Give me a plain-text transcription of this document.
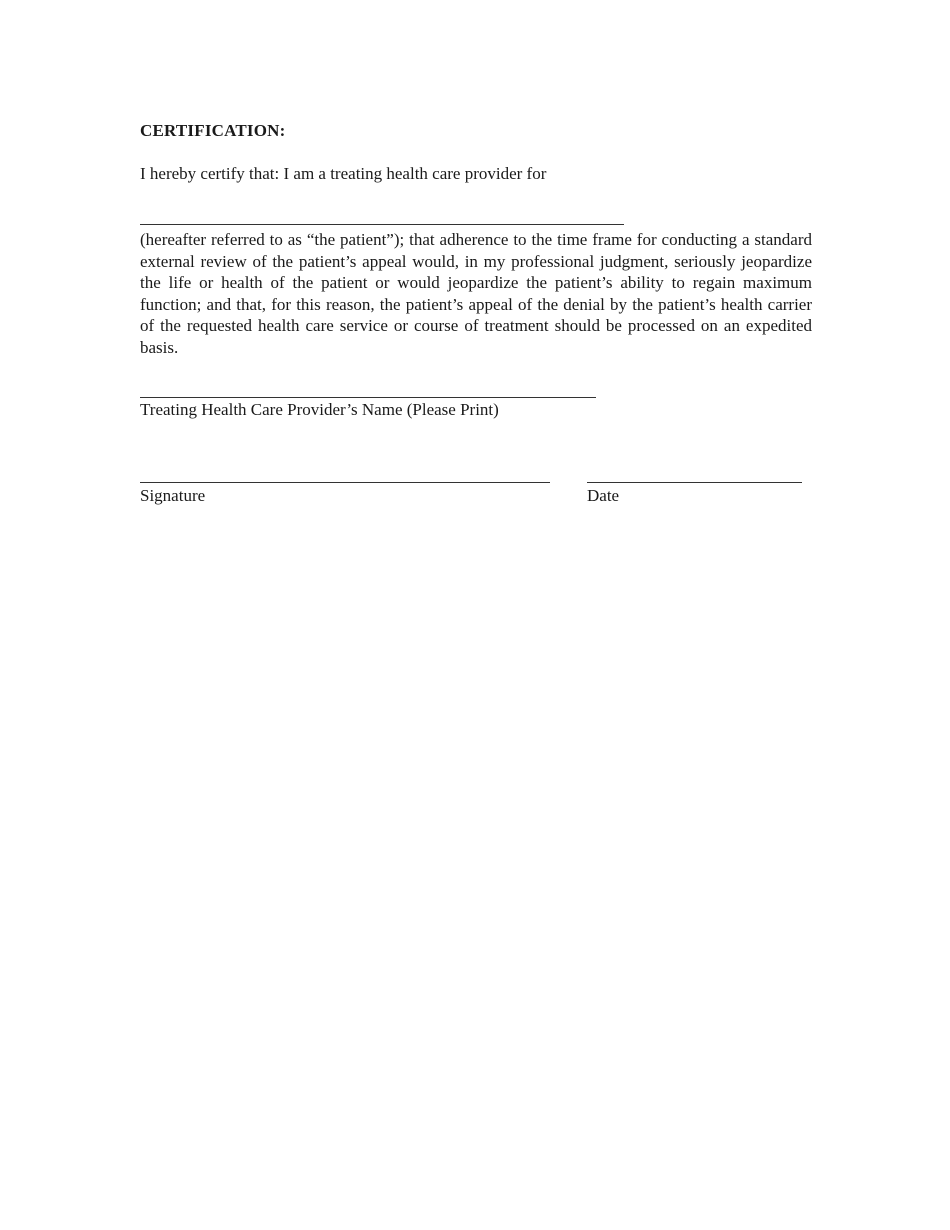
CERTIFICATION:
I hereby certify that: I am a treating health care provider for
(hereafter referred to as “the patient”); that adherence to the time frame for conducting a standard external review of the patient’s appeal would, in my professional judgment, seriously jeopardize the life or health of the patient or would jeopardize the patient’s ability to regain maximum function; and that, for this reason, the patient’s appeal of the denial by the patient’s health carrier of the requested health care service or course of treatment should be processed on an expedited basis.
Treating Health Care Provider’s Name (Please Print)
Signature	Date
